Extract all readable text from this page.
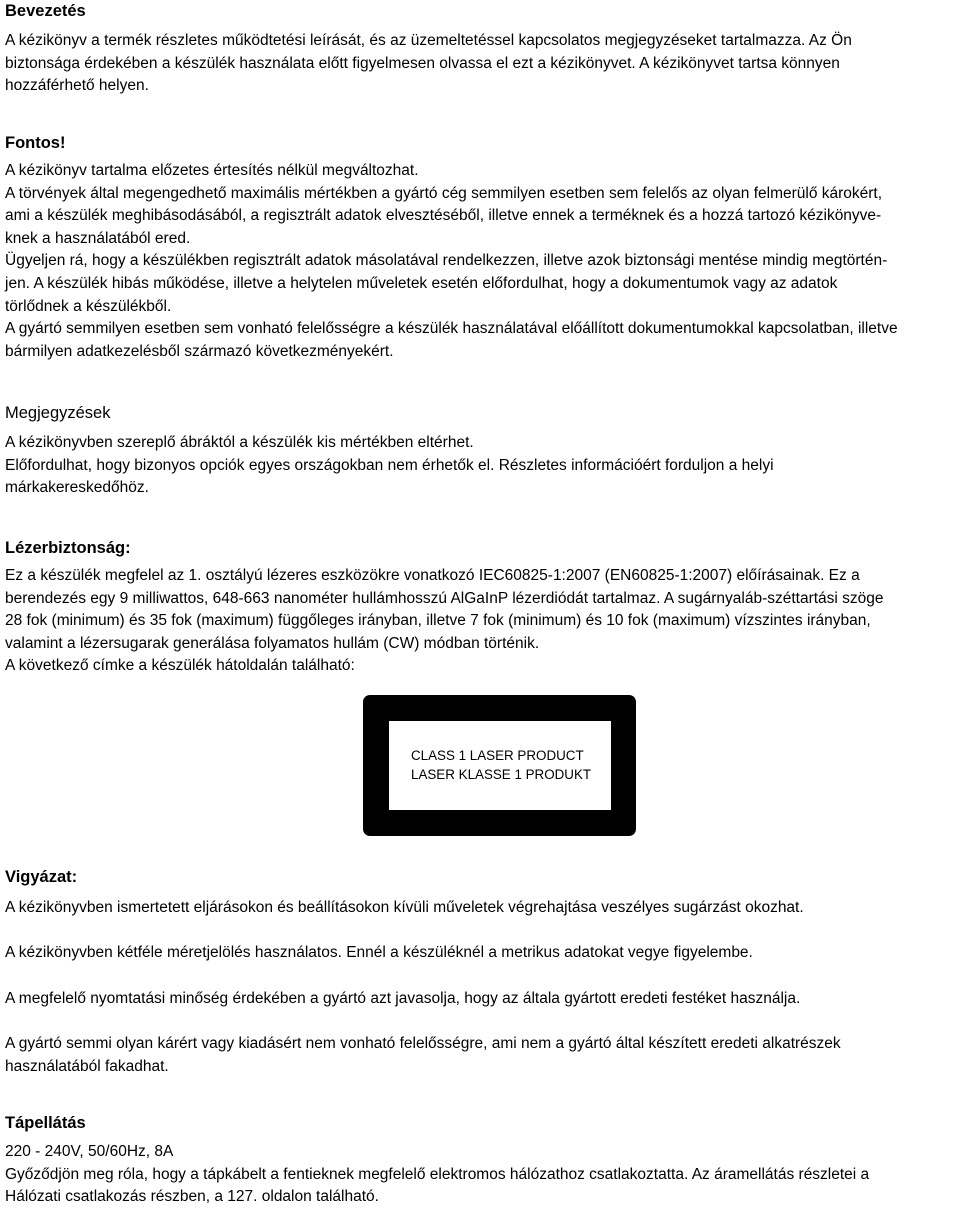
Bevezetés
A kézikönyv a termék részletes működtetési leírását, és az üzemeltetéssel kapcsolatos megjegyzéseket tartalmazza. Az Ön
biztonsága érdekében a készülék használata előtt figyelmesen olvassa el ezt a kézikönyvet. A kézikönyvet tartsa könnyen
hozzáférhető helyen.
Fontos!
A kézikönyv tartalma előzetes értesítés nélkül megváltozhat.
A törvények által megengedhető maximális mértékben a gyártó cég semmilyen esetben sem felelős az olyan felmerülő károkért,
ami a készülék meghibásodásából, a regisztrált adatok elvesztéséből, illetve ennek a terméknek és a hozzá tartozó kézikönyve-
knek a használatából ered.
Ügyeljen rá, hogy a készülékben regisztrált adatok másolatával rendelkezzen, illetve azok biztonsági mentése mindig megtörtén-
jen. A készülék hibás működése, illetve a helytelen műveletek esetén előfordulhat, hogy a dokumentumok vagy az adatok
törlődnek a készülékből.
A gyártó semmilyen esetben sem vonható felelősségre a készülék használatával előállított dokumentumokkal kapcsolatban, illetve
bármilyen adatkezelésből származó következményekért.
Megjegyzések
A kézikönyvben szereplő ábráktól a készülék kis mértékben eltérhet.
Előfordulhat, hogy bizonyos opciók egyes országokban nem érhetők el. Részletes információért forduljon a helyi
márkakereskedőhöz.
Lézerbiztonság:
Ez a készülék megfelel az 1. osztályú lézeres eszközökre vonatkozó IEC60825-1:2007 (EN60825-1:2007) előírásainak. Ez a
berendezés egy 9 milliwattos, 648-663 nanométer hullámhosszú AlGaInP lézerdiódát tartalmaz. A sugárnyaláb-széttartási szöge
28 fok (minimum) és 35 fok (maximum) függőleges irányban, illetve 7 fok (minimum) és 10 fok (maximum) vízszintes irányban,
valamint a lézersugarak generálása folyamatos hullám (CW) módban történik.
A következő címke a készülék hátoldalán található:
CLASS 1 LASER PRODUCT
LASER KLASSE 1 PRODUKT
Vigyázat:
A kézikönyvben ismertetett eljárásokon és beállításokon kívüli műveletek végrehajtása veszélyes sugárzást okozhat.
A kézikönyvben kétféle méretjelölés használatos. Ennél a készüléknél a metrikus adatokat vegye figyelembe.
A megfelelő nyomtatási minőség érdekében a gyártó azt javasolja, hogy az általa gyártott eredeti festéket használja.
A gyártó semmi olyan kárért vagy kiadásért nem vonható felelősségre, ami nem a gyártó által készített eredeti alkatrészek
használatából fakadhat.
Tápellátás
220 - 240V, 50/60Hz, 8A
Győződjön meg róla, hogy a tápkábelt a fentieknek megfelelő elektromos hálózathoz csatlakoztatta. Az áramellátás részletei a
Hálózati csatlakozás részben, a 127. oldalon található.
